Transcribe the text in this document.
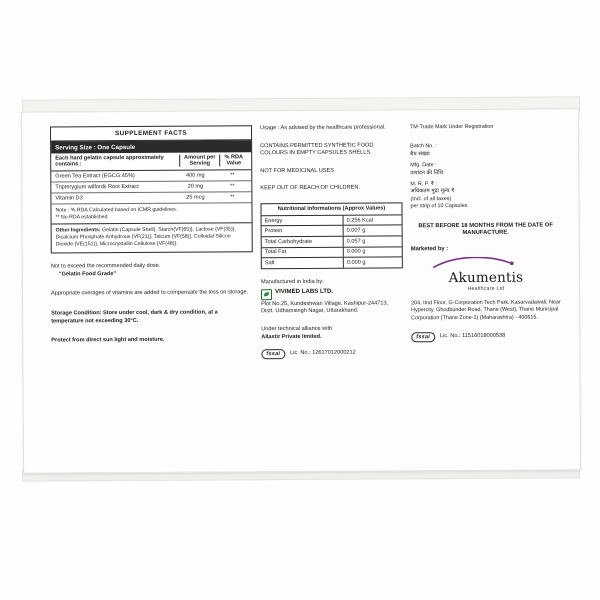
SUPPLEMENT FACTS
Serving Size : One Capsule
Each hard gelatin capsule approximately contains :
Amount per Serving
% RDA Value
Green Tea Extract (EGCG:45%)	400 mg	**
Tripterygium wilfordii Root Extract	20 mg	**
Vitamin D3	25 mcg	**
Note : % RDA Calculated based on ICMR guidelines.
** No RDA established
Other Ingredients: Gelatin (Capsule Shell), Starch{VF(65)}, Lactose {VF(35)}, Dicalcium Phosphate Anhydrous {VF(21)}, Talcum {VF(58)}, Colloidal Silicon Dioxide {VE(151)}, Microcrystallin Cellulose {VF(48)}.
Not to exceed the recommended daily dose.
"Gelatin Food Grade"
Appropriate overages of vitamins are added to compensate the loss on storage.
Storage Condition: Store under cool, dark & dry condition, at a temperature not exceeding 30°C.
Protect from direct sun light and moisture.
Usage : As advised by the healthcare professional.
CONTAINS PERMITTED SYNTHETIC FOOD COLOURS IN EMPTY CAPSULES SHELLS.
NOT FOR MEDICINAL USES
KEEP OUT OF REACH OF CHILDREN.
Nutritional Informations (Approx Values)
Energy	0.256 Kcal
Protein	0.007 g
Total Carbohydrate	0.057 g
Total Fat	0.000 g
Salt	0.000 g
Manufactured in India by:
VIVIMED LABS LTD.
Plot No.25, Kundeshwari Village, Kashipur-244713, Distt. Udhamsingh Nagar, Uttarakhand.
Under technical alliance with
Allastir Private limited.
fssai	Lic. No.: 12617012000212
TM-Trade Mark Under Registration
Batch No. :
बैच संख्या
Mfg. Date :
उत्पादन की तिथि
M. R. P. ₹ :
अधिकतम मुद्रा मूल्य ₹
(Incl. of all taxes)
per strip of 10 Capsules
BEST BEFORE 18 MONTHS FROM THE DATE OF MANUFACTURE.
Marketed by :
Akumentis
Healthcare Ltd
204, IInd Floor, G-Corporation Tech Park, Kasarvadawali, Near Hypercity, Ghodbunder Road, Thane (West), Thane Municipal Corporation (Thane Zone-1) (Maharashtra) - 400615.
fssai	Lic. No.: 11516018000538
